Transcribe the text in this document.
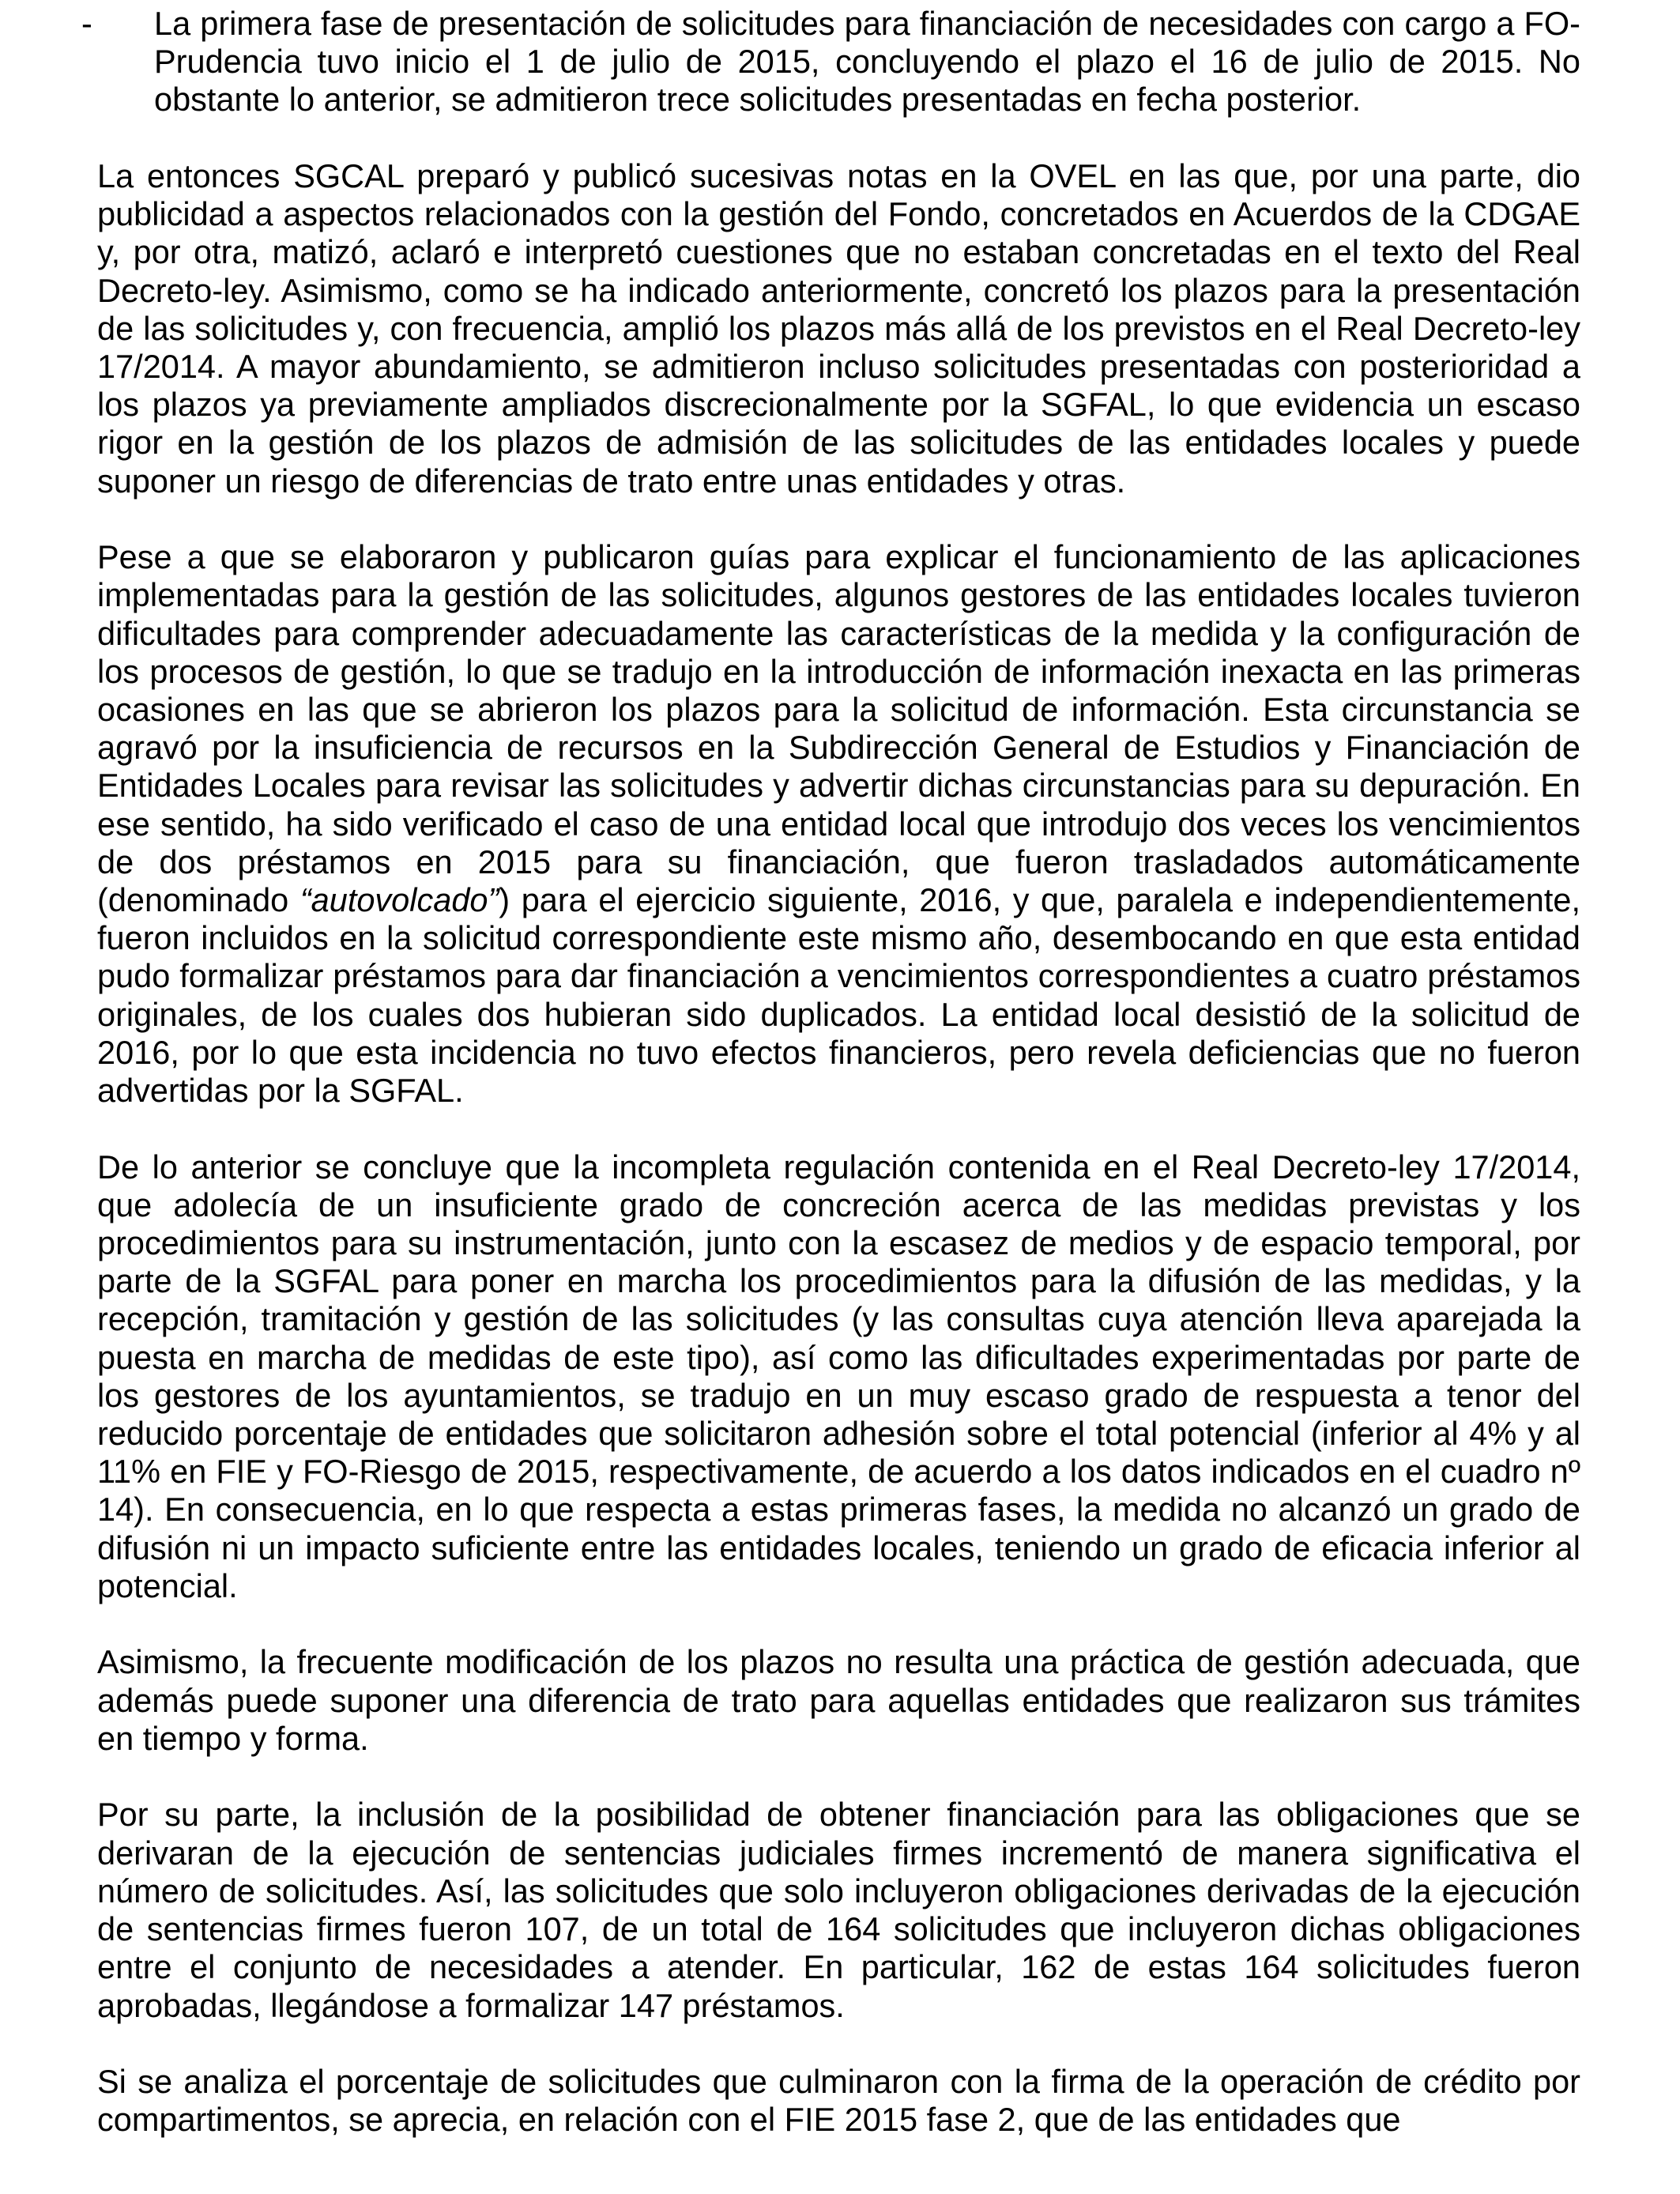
- La primera fase de presentación de solicitudes para financiación de necesidades con cargo a FO-Prudencia tuvo inicio el 1 de julio de 2015, concluyendo el plazo el 16 de julio de 2015. No obstante lo anterior, se admitieron trece solicitudes presentadas en fecha posterior.

La entonces SGCAL preparó y publicó sucesivas notas en la OVEL en las que, por una parte, dio publicidad a aspectos relacionados con la gestión del Fondo, concretados en Acuerdos de la CDGAE y, por otra, matizó, aclaró e interpretó cuestiones que no estaban concretadas en el texto del Real Decreto-ley. Asimismo, como se ha indicado anteriormente, concretó los plazos para la presentación de las solicitudes y, con frecuencia, amplió los plazos más allá de los previstos en el Real Decreto-ley 17/2014. A mayor abundamiento, se admitieron incluso solicitudes presentadas con posterioridad a los plazos ya previamente ampliados discrecionalmente por la SGFAL, lo que evidencia un escaso rigor en la gestión de los plazos de admisión de las solicitudes de las entidades locales y puede suponer un riesgo de diferencias de trato entre unas entidades y otras.

Pese a que se elaboraron y publicaron guías para explicar el funcionamiento de las aplicaciones implementadas para la gestión de las solicitudes, algunos gestores de las entidades locales tuvieron dificultades para comprender adecuadamente las características de la medida y la configuración de los procesos de gestión, lo que se tradujo en la introducción de información inexacta en las primeras ocasiones en las que se abrieron los plazos para la solicitud de información. Esta circunstancia se agravó por la insuficiencia de recursos en la Subdirección General de Estudios y Financiación de Entidades Locales para revisar las solicitudes y advertir dichas circunstancias para su depuración. En ese sentido, ha sido verificado el caso de una entidad local que introdujo dos veces los vencimientos de dos préstamos en 2015 para su financiación, que fueron trasladados automáticamente (denominado “autovolcado”) para el ejercicio siguiente, 2016, y que, paralela e independientemente, fueron incluidos en la solicitud correspondiente este mismo año, desembocando en que esta entidad pudo formalizar préstamos para dar financiación a vencimientos correspondientes a cuatro préstamos originales, de los cuales dos hubieran sido duplicados. La entidad local desistió de la solicitud de 2016, por lo que esta incidencia no tuvo efectos financieros, pero revela deficiencias que no fueron advertidas por la SGFAL.

De lo anterior se concluye que la incompleta regulación contenida en el Real Decreto-ley 17/2014, que adolecía de un insuficiente grado de concreción acerca de las medidas previstas y los procedimientos para su instrumentación, junto con la escasez de medios y de espacio temporal, por parte de la SGFAL para poner en marcha los procedimientos para la difusión de las medidas, y la recepción, tramitación y gestión de las solicitudes (y las consultas cuya atención lleva aparejada la puesta en marcha de medidas de este tipo), así como las dificultades experimentadas por parte de los gestores de los ayuntamientos, se tradujo en un muy escaso grado de respuesta a tenor del reducido porcentaje de entidades que solicitaron adhesión sobre el total potencial (inferior al 4% y al 11% en FIE y FO-Riesgo de 2015, respectivamente, de acuerdo a los datos indicados en el cuadro nº 14). En consecuencia, en lo que respecta a estas primeras fases, la medida no alcanzó un grado de difusión ni un impacto suficiente entre las entidades locales, teniendo un grado de eficacia inferior al potencial.

Asimismo, la frecuente modificación de los plazos no resulta una práctica de gestión adecuada, que además puede suponer una diferencia de trato para aquellas entidades que realizaron sus trámites en tiempo y forma.

Por su parte, la inclusión de la posibilidad de obtener financiación para las obligaciones que se derivaran de la ejecución de sentencias judiciales firmes incrementó de manera significativa el número de solicitudes. Así, las solicitudes que solo incluyeron obligaciones derivadas de la ejecución de sentencias firmes fueron 107, de un total de 164 solicitudes que incluyeron dichas obligaciones entre el conjunto de necesidades a atender. En particular, 162 de estas 164 solicitudes fueron aprobadas, llegándose a formalizar 147 préstamos.

Si se analiza el porcentaje de solicitudes que culminaron con la firma de la operación de crédito por compartimentos, se aprecia, en relación con el FIE 2015 fase 2, que de las entidades que
